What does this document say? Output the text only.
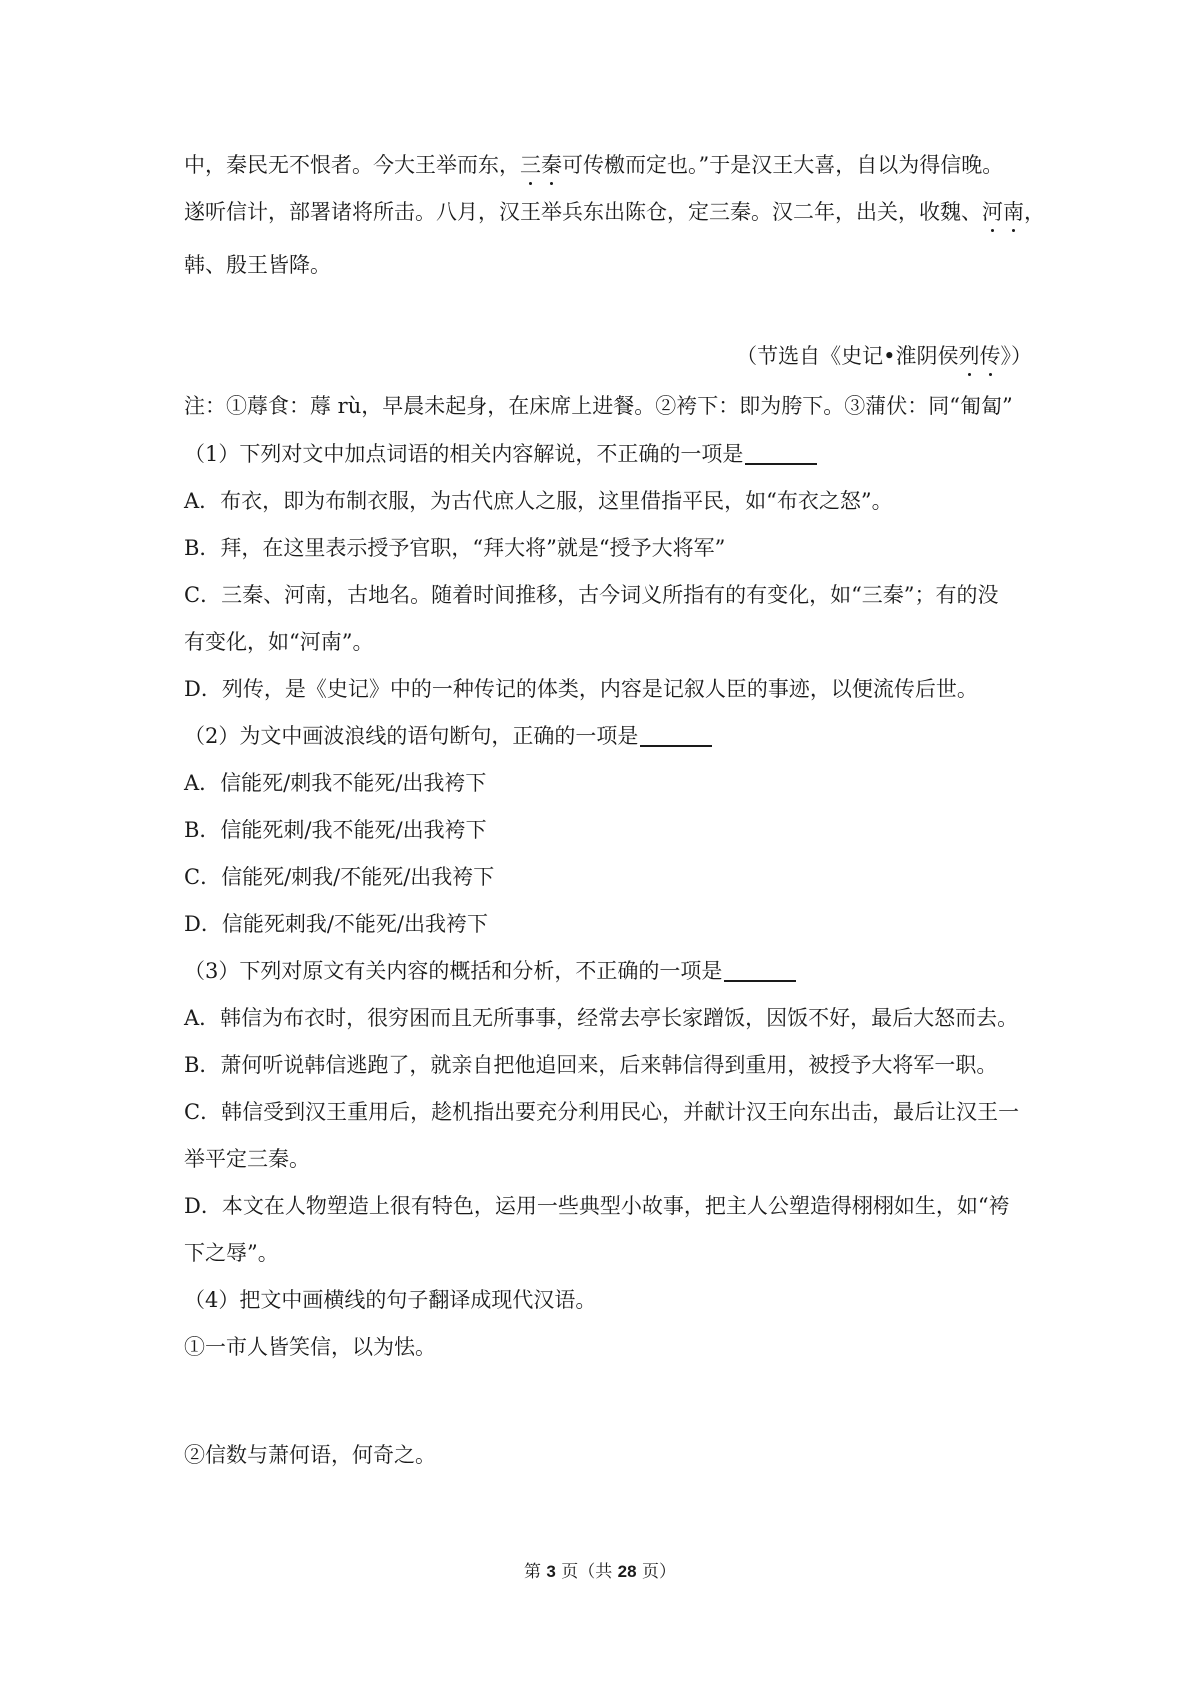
中，秦民无不恨者。今大王举而东，三秦可传檄而定也。”于是汉王大喜，自以为得信晚。
遂听信计，部署诸将所击。八月，汉王举兵东出陈仓，定三秦。汉二年，出关，收魏、河南，
韩、殷王皆降。
（节选自《史记•淮阴侯列传》）
注：①蓐食：蓐 rù，早晨未起身，在床席上进餐。②袴下：即为胯下。③蒲伏：同“匍匐”
（1）下列对文中加点词语的相关内容解说，不正确的一项是
A．布衣，即为布制衣服，为古代庶人之服，这里借指平民，如“布衣之怒”。
B．拜，在这里表示授予官职，“拜大将”就是“授予大将军”
C．三秦、河南，古地名。随着时间推移，古今词义所指有的有变化，如“三秦”；有的没
有变化，如“河南”。
D．列传，是《史记》中的一种传记的体类，内容是记叙人臣的事迹，以便流传后世。
（2）为文中画波浪线的语句断句，正确的一项是
A．信能死/刺我不能死/出我袴下
B．信能死刺/我不能死/出我袴下
C．信能死/刺我/不能死/出我袴下
D．信能死刺我/不能死/出我袴下
（3）下列对原文有关内容的概括和分析，不正确的一项是
A．韩信为布衣时，很穷困而且无所事事，经常去亭长家蹭饭，因饭不好，最后大怒而去。
B．萧何听说韩信逃跑了，就亲自把他追回来，后来韩信得到重用，被授予大将军一职。
C．韩信受到汉王重用后，趁机指出要充分利用民心，并献计汉王向东出击，最后让汉王一
举平定三秦。
D．本文在人物塑造上很有特色，运用一些典型小故事，把主人公塑造得栩栩如生，如“袴
下之辱”。
（4）把文中画横线的句子翻译成现代汉语。
①一市人皆笑信，以为怯。
②信数与萧何语，何奇之。
第 3 页（共 28 页）
